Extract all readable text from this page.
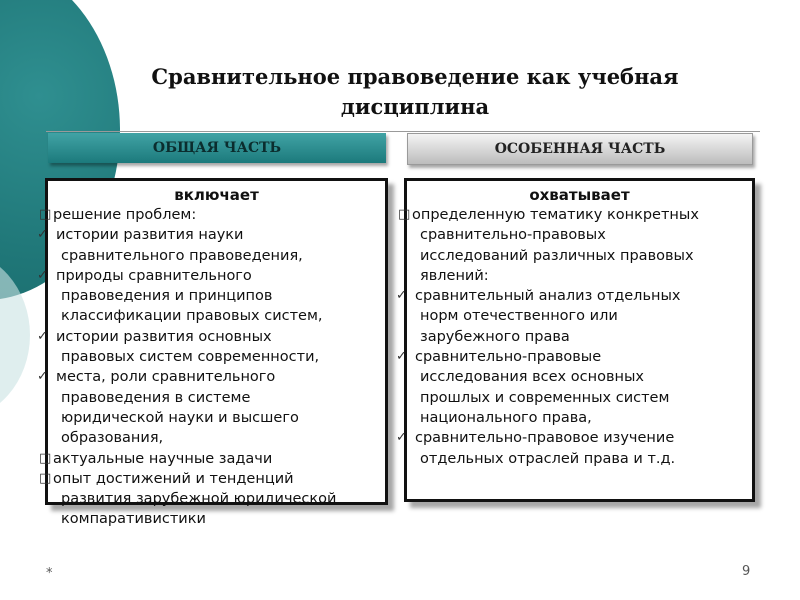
Сравнительное правоведение как учебная
дисциплина
ОБЩАЯ ЧАСТЬ	ОСОБЕННАЯ ЧАСТЬ
включает
□ решение проблем:
✓ истории развития науки
сравнительного правоведения,
✓ природы сравнительного
правоведения и принципов
классификации правовых систем,
✓ истории развития основных
правовых систем современности,
✓ места, роли сравнительного
правоведения в системе
юридической науки и высшего
образования,
□ актуальные научные задачи
□ опыт достижений и тенденций
развития зарубежной юридической
компаративистики
охватывает
□ определенную тематику конкретных
сравнительно-правовых
исследований различных правовых
явлений:
✓ сравнительный анализ отдельных
норм отечественного или
зарубежного права
✓ сравнительно-правовые
исследования всех основных
прошлых и современных систем
национального права,
✓ сравнительно-правовое изучение
отдельных отраслей права и т.д.
*	9
